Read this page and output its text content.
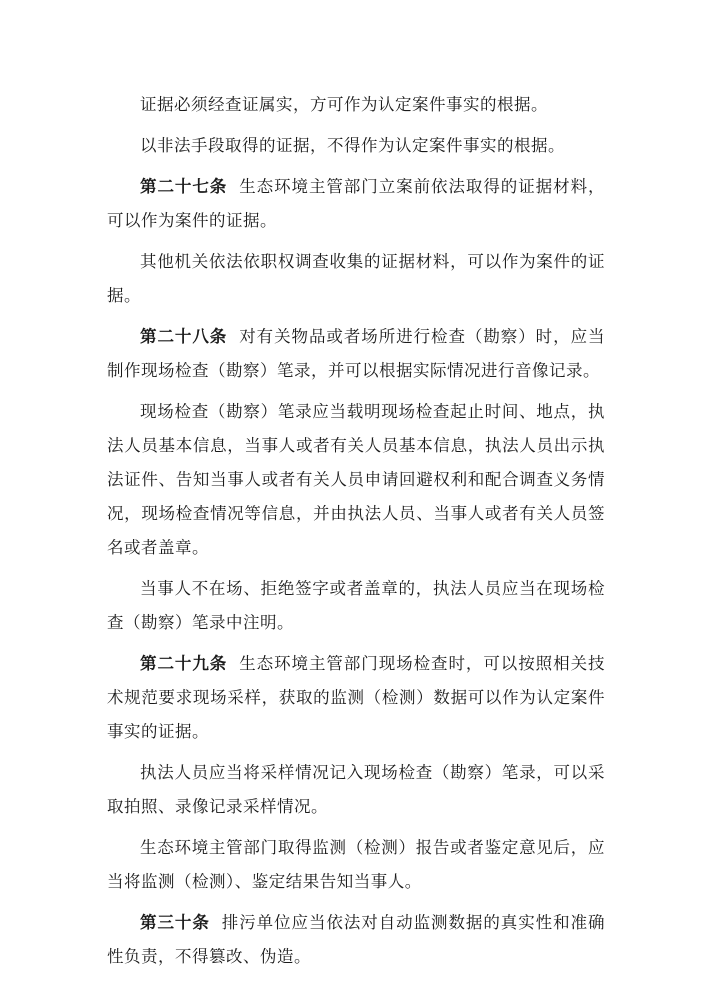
证据必须经查证属实，方可作为认定案件事实的根据。

以非法手段取得的证据，不得作为认定案件事实的根据。

第二十七条 生态环境主管部门立案前依法取得的证据材料，可以作为案件的证据。

其他机关依法依职权调查收集的证据材料，可以作为案件的证据。

第二十八条 对有关物品或者场所进行检查（勘察）时，应当制作现场检查（勘察）笔录，并可以根据实际情况进行音像记录。

现场检查（勘察）笔录应当载明现场检查起止时间、地点，执法人员基本信息，当事人或者有关人员基本信息，执法人员出示执法证件、告知当事人或者有关人员申请回避权利和配合调查义务情况，现场检查情况等信息，并由执法人员、当事人或者有关人员签名或者盖章。

当事人不在场、拒绝签字或者盖章的，执法人员应当在现场检查（勘察）笔录中注明。

第二十九条 生态环境主管部门现场检查时，可以按照相关技术规范要求现场采样，获取的监测（检测）数据可以作为认定案件事实的证据。

执法人员应当将采样情况记入现场检查（勘察）笔录，可以采取拍照、录像记录采样情况。

生态环境主管部门取得监测（检测）报告或者鉴定意见后，应当将监测（检测）、鉴定结果告知当事人。

第三十条 排污单位应当依法对自动监测数据的真实性和准确性负责，不得篡改、伪造。
